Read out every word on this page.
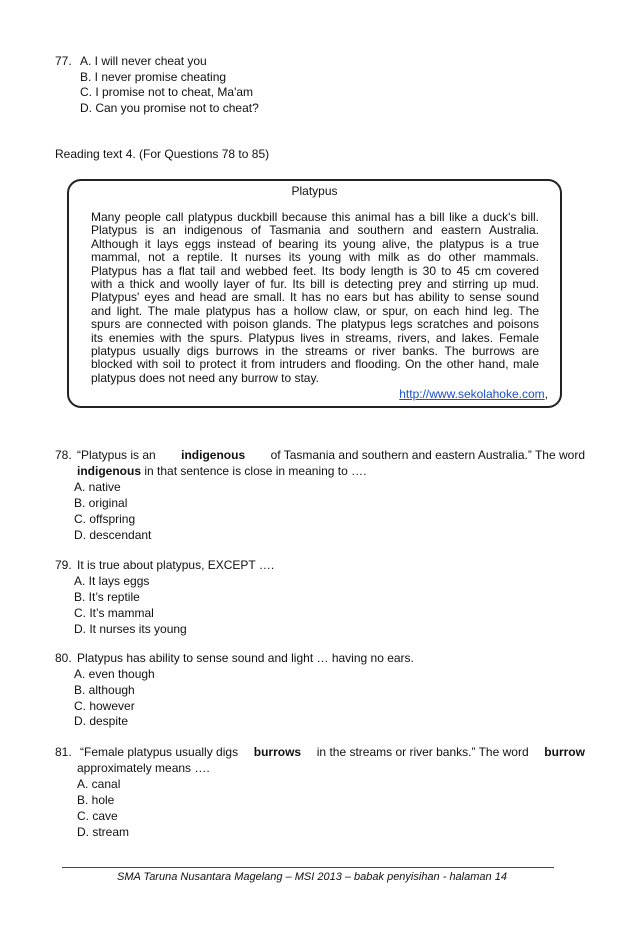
77. A. I will never cheat you
B. I never promise cheating
C. I promise not to cheat, Ma'am
D. Can you promise not to cheat?
Reading text 4. (For Questions 78 to 85)
Platypus
Many people call platypus duckbill because this animal has a bill like a duck's bill.
Platypus is an indigenous of Tasmania and southern and eastern Australia.
Although it lays eggs instead of bearing its young alive, the platypus is a true
mammal, not a reptile. It nurses its young with milk as do other mammals.
Platypus has a flat tail and webbed feet. Its body length is 30 to 45 cm covered
with a thick and woolly layer of fur. Its bill is detecting prey and stirring up mud.
Platypus' eyes and head are small. It has no ears but has ability to sense sound
and light. The male platypus has a hollow claw, or spur, on each hind leg. The
spurs are connected with poison glands. The platypus legs scratches and poisons
its enemies with the spurs. Platypus lives in streams, rivers, and lakes. Female
platypus usually digs burrows in the streams or river banks. The burrows are
blocked with soil to protect it from intruders and flooding. On the other hand, male
platypus does not need any burrow to stay.
http://www.sekolahoke.com,
78. “Platypus is an indigenous of Tasmania and southern and eastern Australia.” The word
indigenous in that sentence is close in meaning to ….
A. native
B. original
C. offspring
D. descendant
79. It is true about platypus, EXCEPT ….
A. It lays eggs
B. It’s reptile
C. It’s mammal
D. It nurses its young
80. Platypus has ability to sense sound and light … having no ears.
A. even though
B. although
C. however
D. despite
81. “Female platypus usually digs burrows in the streams or river banks.” The word burrow
approximately means ….
A. canal
B. hole
C. cave
D. stream
SMA Taruna Nusantara Magelang – MSI 2013 – babak penyisihan - halaman 14
